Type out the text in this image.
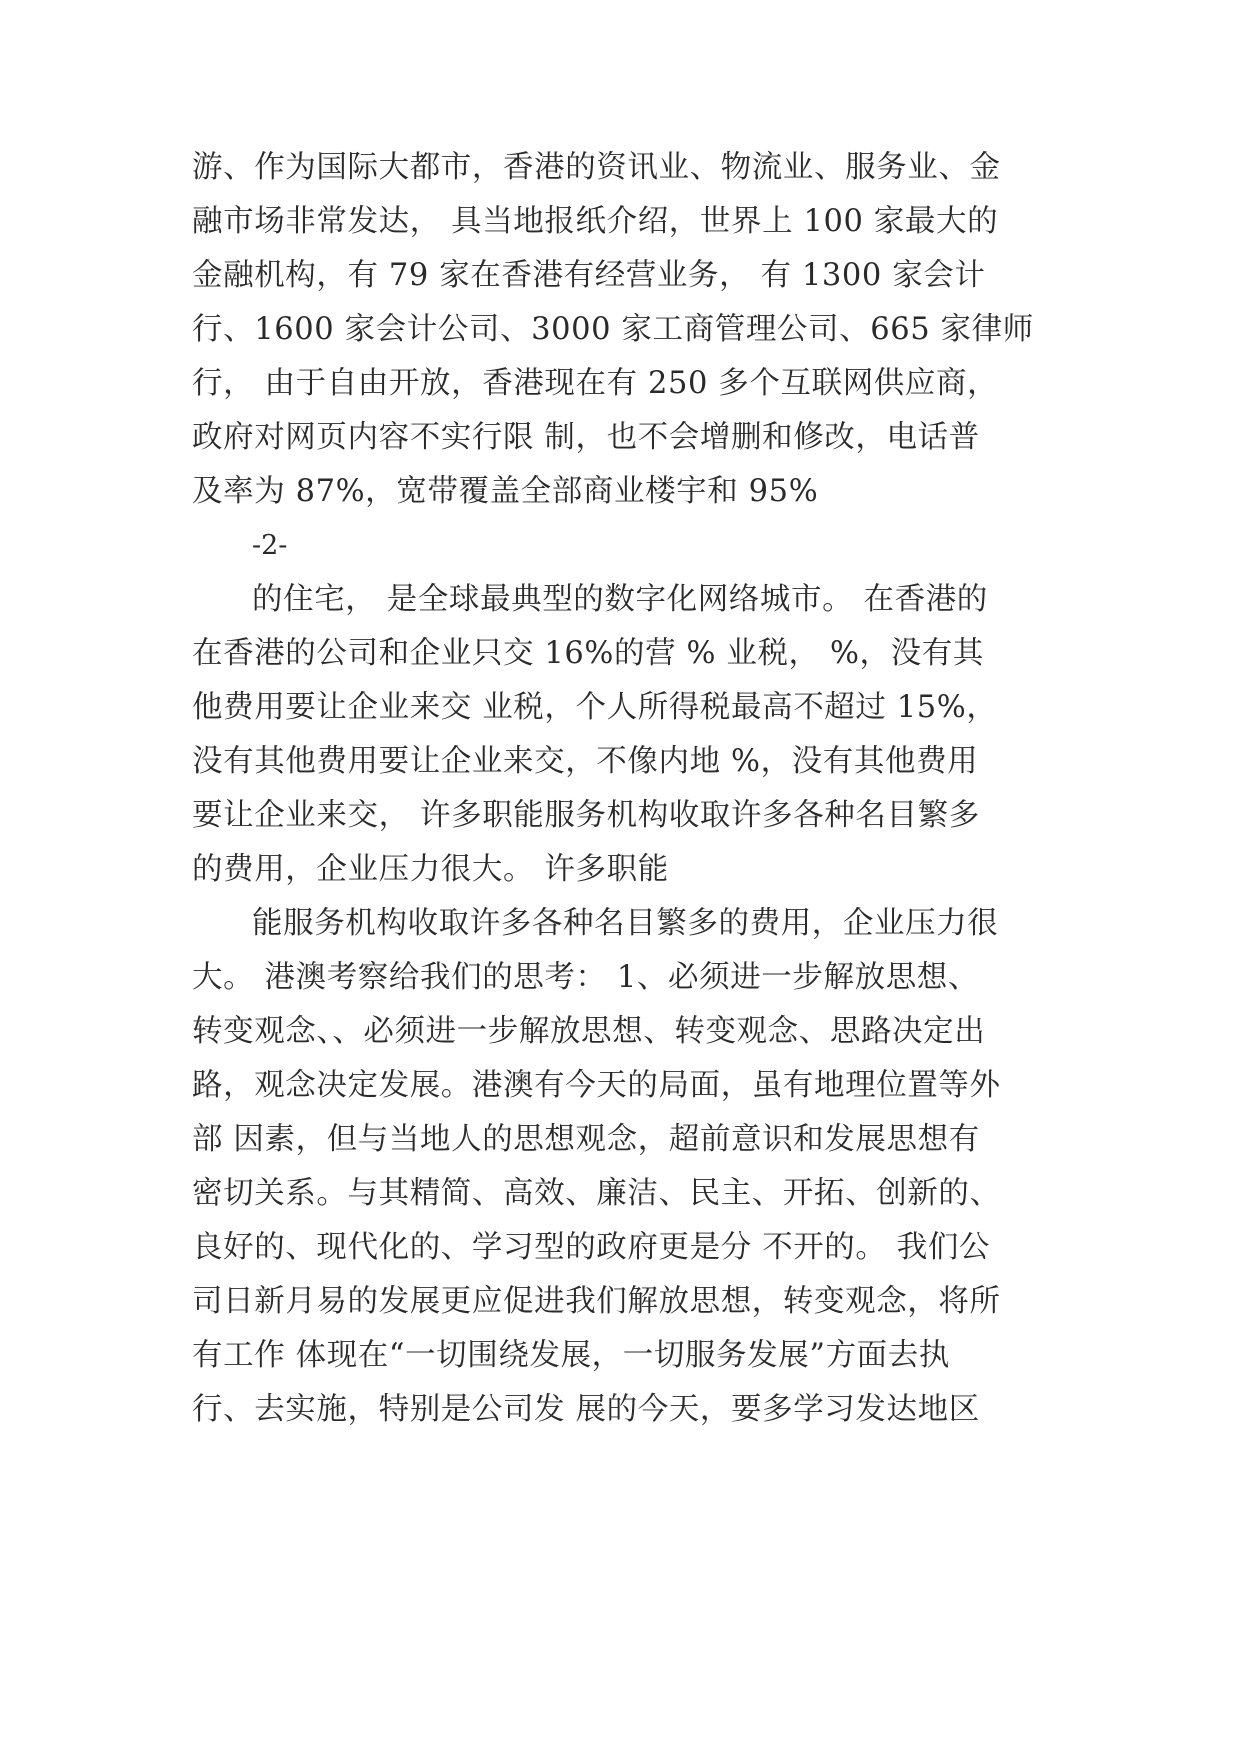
游、作为国际大都市，香港的资讯业、物流业、服务业、金
融市场非常发达， 具当地报纸介绍，世界上 100 家最大的
金融机构，有 79 家在香港有经营业务， 有 1300 家会计
行、1600 家会计公司、3000 家工商管理公司、665 家律师
行， 由于自由开放，香港现在有 250 多个互联网供应商，
政府对网页内容不实行限 制，也不会增删和修改，电话普
及率为 87%，宽带覆盖全部商业楼宇和 95%
-2-
的住宅， 是全球最典型的数字化网络城市。 在香港的
在香港的公司和企业只交 16%的营 % 业税， %，没有其
他费用要让企业来交 业税，个人所得税最高不超过 15%，
没有其他费用要让企业来交，不像内地 %，没有其他费用
要让企业来交， 许多职能服务机构收取许多各种名目繁多
的费用，企业压力很大。 许多职能
能服务机构收取许多各种名目繁多的费用，企业压力很
大。 港澳考察给我们的思考： 1、必须进一步解放思想、
转变观念、、必须进一步解放思想、转变观念、思路决定出
路，观念决定发展。港澳有今天的局面，虽有地理位置等外
部 因素，但与当地人的思想观念，超前意识和发展思想有
密切关系。与其精简、高效、廉洁、民主、开拓、创新的、
良好的、现代化的、学习型的政府更是分 不开的。 我们公
司日新月易的发展更应促进我们解放思想，转变观念，将所
有工作 体现在“一切围绕发展，一切服务发展”方面去执
行、去实施，特别是公司发 展的今天，要多学习发达地区
